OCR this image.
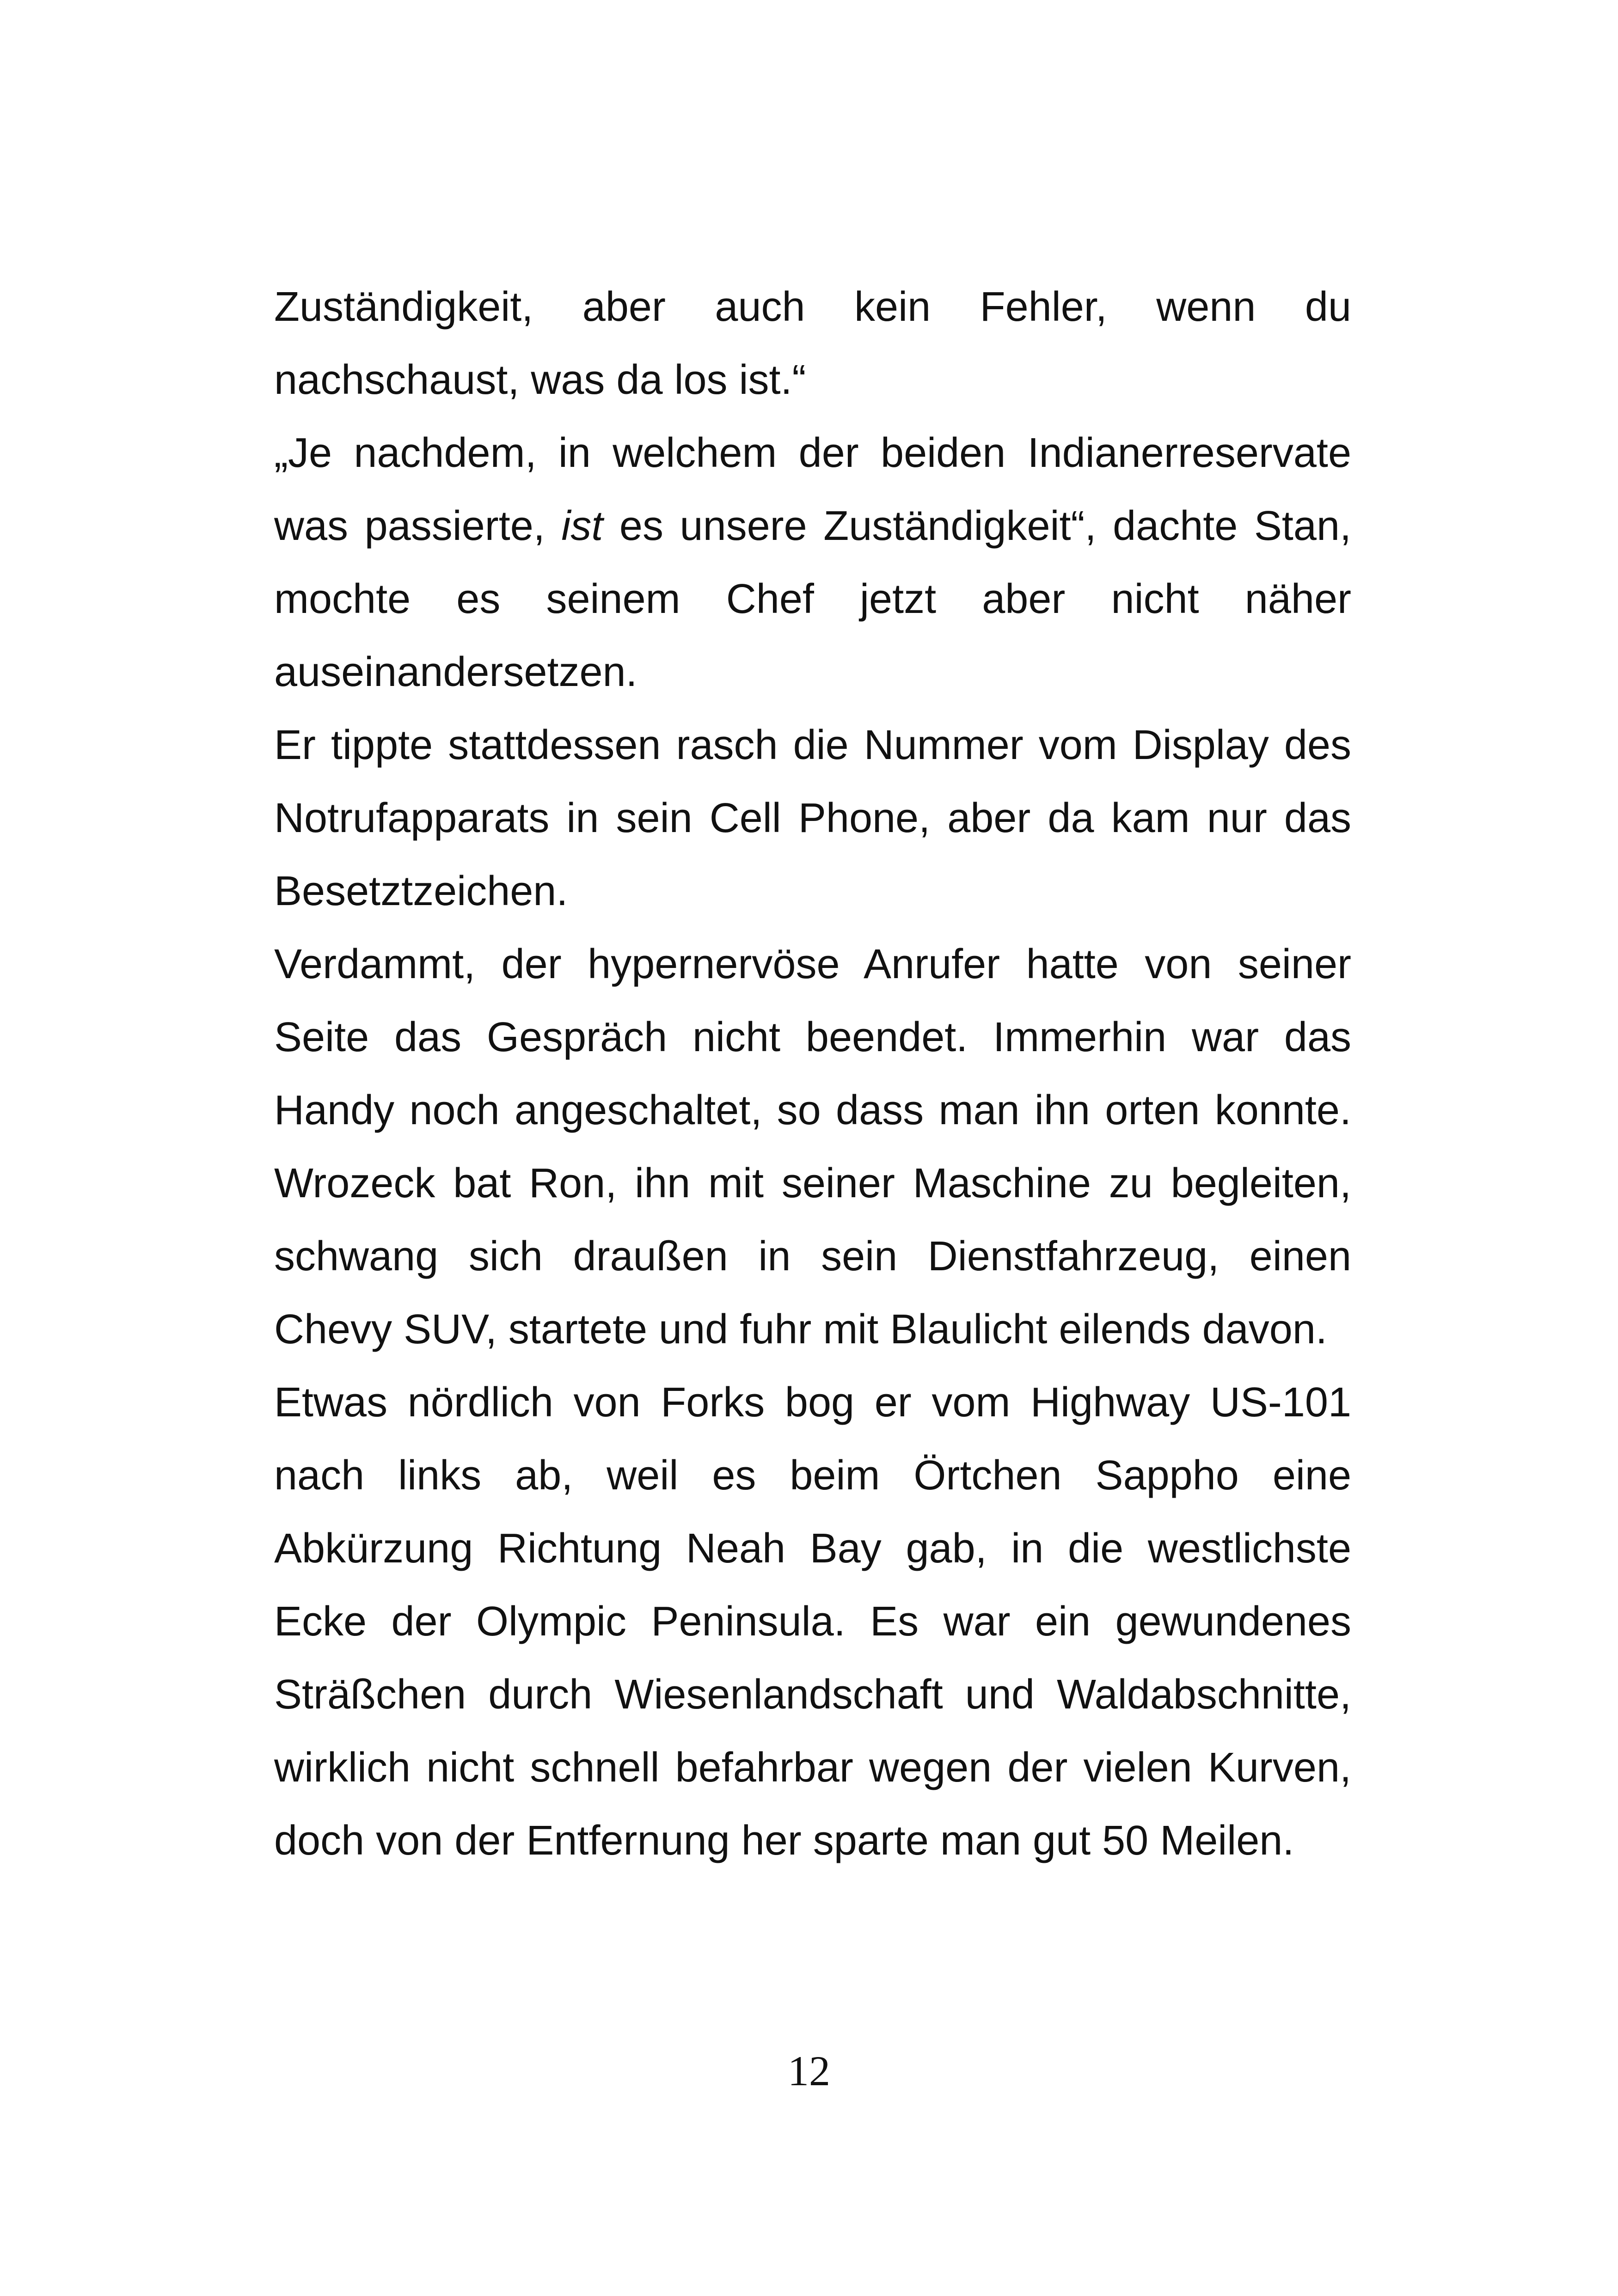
Zuständigkeit, aber auch kein Fehler, wenn du nachschaust, was da los ist.“

„Je nachdem, in welchem der beiden Indianerreservate was passierte, ist es unsere Zuständigkeit“, dachte Stan, mochte es seinem Chef jetzt aber nicht näher auseinandersetzen.

Er tippte stattdessen rasch die Nummer vom Display des Notrufapparats in sein Cell Phone, aber da kam nur das Besetztzeichen.

Verdammt, der hypernervöse Anrufer hatte von seiner Seite das Gespräch nicht beendet. Immerhin war das Handy noch angeschaltet, so dass man ihn orten konnte. Wrozeck bat Ron, ihn mit seiner Maschine zu begleiten, schwang sich draußen in sein Dienstfahrzeug, einen Chevy SUV, startete und fuhr mit Blaulicht eilends davon.

Etwas nördlich von Forks bog er vom Highway US-101 nach links ab, weil es beim Örtchen Sappho eine Abkürzung Richtung Neah Bay gab, in die westlichste Ecke der Olympic Peninsula. Es war ein gewundenes Sträßchen durch Wiesenlandschaft und Waldabschnitte, wirklich nicht schnell befahrbar wegen der vielen Kurven, doch von der Entfernung her sparte man gut 50 Meilen.

12
